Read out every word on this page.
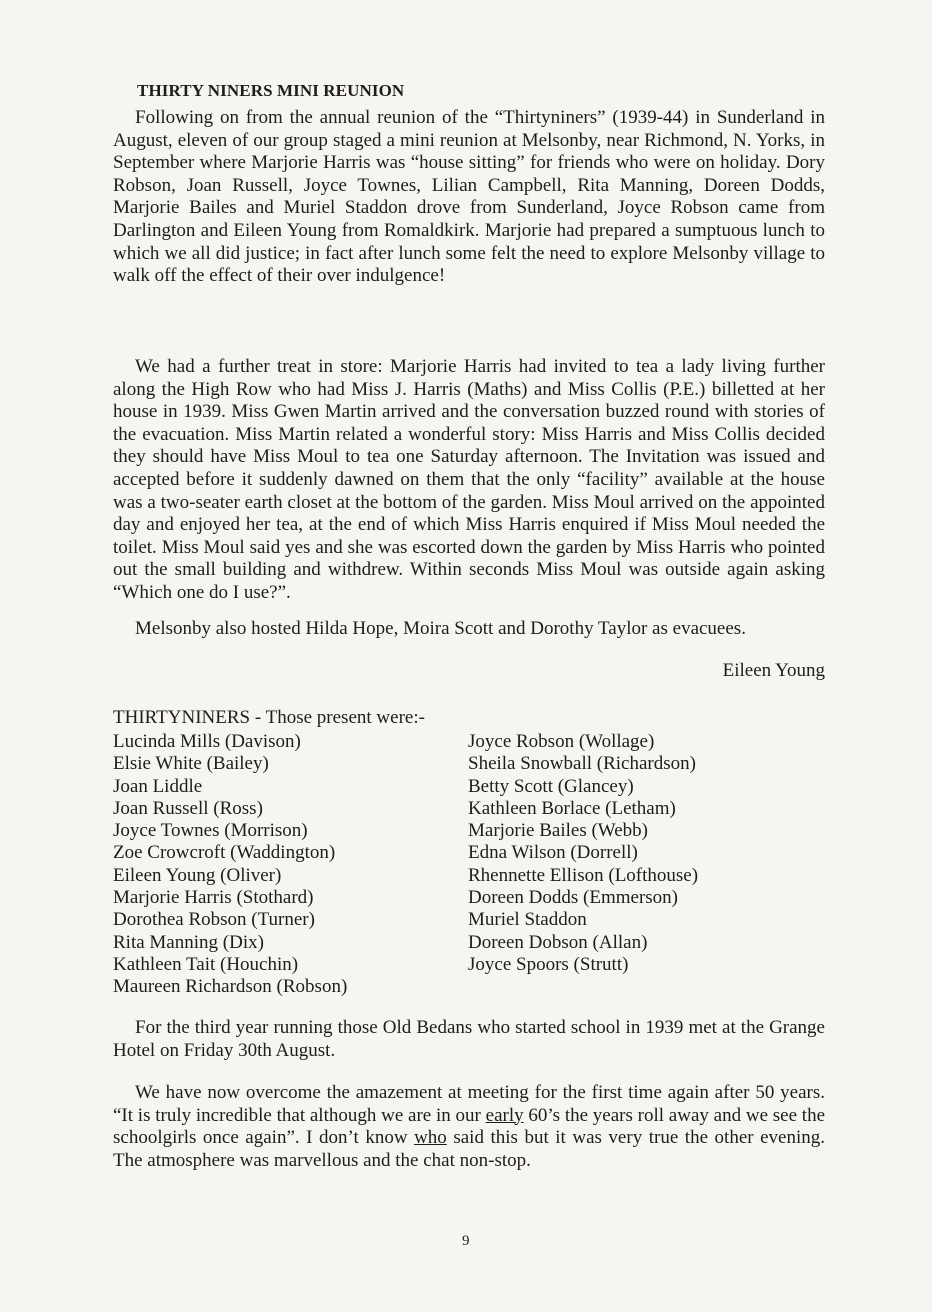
THIRTY NINERS MINI REUNION

Following on from the annual reunion of the “Thirtyniners” (1939-44) in Sunderland in August, eleven of our group staged a mini reunion at Melsonby, near Richmond, N. Yorks, in September where Marjorie Harris was “house sitting” for friends who were on holiday. Dory Robson, Joan Russell, Joyce Townes, Lilian Campbell, Rita Manning, Doreen Dodds, Marjorie Bailes and Muriel Staddon drove from Sunderland, Joyce Robson came from Darlington and Eileen Young from Romaldkirk. Marjorie had prepared a sumptuous lunch to which we all did justice; in fact after lunch some felt the need to explore Melsonby village to walk off the effect of their over indulgence!

We had a further treat in store: Marjorie Harris had invited to tea a lady living further along the High Row who had Miss J. Harris (Maths) and Miss Collis (P.E.) billetted at her house in 1939. Miss Gwen Martin arrived and the conversation buzzed round with stories of the evacuation. Miss Martin related a wonderful story: Miss Harris and Miss Collis decided they should have Miss Moul to tea one Saturday afternoon. The Invitation was issued and accepted before it suddenly dawned on them that the only “facility” available at the house was a two-seater earth closet at the bottom of the garden. Miss Moul arrived on the appointed day and enjoyed her tea, at the end of which Miss Harris enquired if Miss Moul needed the toilet. Miss Moul said yes and she was escorted down the garden by Miss Harris who pointed out the small building and withdrew. Within seconds Miss Moul was outside again asking “Which one do I use?”.

Melsonby also hosted Hilda Hope, Moira Scott and Dorothy Taylor as evacuees.

Eileen Young

THIRTYNINERS - Those present were:-

Lucinda Mills (Davison)
Elsie White (Bailey)
Joan Liddle
Joan Russell (Ross)
Joyce Townes (Morrison)
Zoe Crowcroft (Waddington)
Eileen Young (Oliver)
Marjorie Harris (Stothard)
Dorothea Robson (Turner)
Rita Manning (Dix)
Kathleen Tait (Houchin)
Maureen Richardson (Robson)
Joyce Robson (Wollage)
Sheila Snowball (Richardson)
Betty Scott (Glancey)
Kathleen Borlace (Letham)
Marjorie Bailes (Webb)
Edna Wilson (Dorrell)
Rhennette Ellison (Lofthouse)
Doreen Dodds (Emmerson)
Muriel Staddon
Doreen Dobson (Allan)
Joyce Spoors (Strutt)

For the third year running those Old Bedans who started school in 1939 met at the Grange Hotel on Friday 30th August.

We have now overcome the amazement at meeting for the first time again after 50 years. “It is truly incredible that although we are in our early 60’s the years roll away and we see the schoolgirls once again”. I don’t know who said this but it was very true the other evening. The atmosphere was marvellous and the chat non-stop.

9
